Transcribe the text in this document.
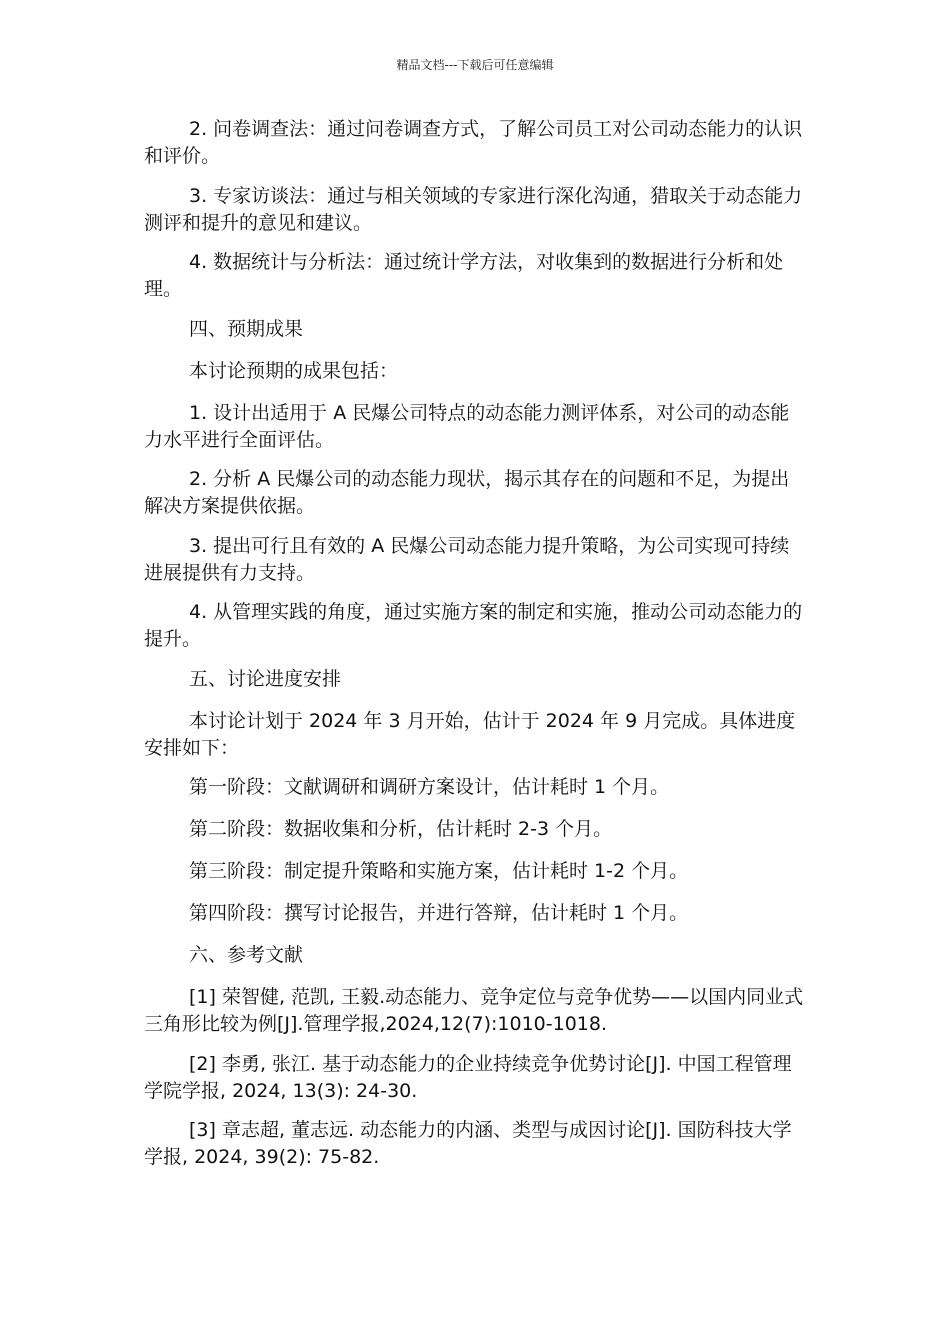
精品文档---下载后可任意编辑

2. 问卷调查法：通过问卷调查方式，了解公司员工对公司动态能力的认识和评价。

3. 专家访谈法：通过与相关领域的专家进行深化沟通，猎取关于动态能力测评和提升的意见和建议。

4. 数据统计与分析法：通过统计学方法，对收集到的数据进行分析和处理。

四、预期成果

本讨论预期的成果包括：

1. 设计出适用于 A 民爆公司特点的动态能力测评体系，对公司的动态能力水平进行全面评估。

2. 分析 A 民爆公司的动态能力现状，揭示其存在的问题和不足，为提出解决方案提供依据。

3. 提出可行且有效的 A 民爆公司动态能力提升策略，为公司实现可持续进展提供有力支持。

4. 从管理实践的角度，通过实施方案的制定和实施，推动公司动态能力的提升。

五、讨论进度安排

本讨论计划于 2024 年 3 月开始，估计于 2024 年 9 月完成。具体进度安排如下：

第一阶段：文献调研和调研方案设计，估计耗时 1 个月。

第二阶段：数据收集和分析，估计耗时 2-3 个月。

第三阶段：制定提升策略和实施方案，估计耗时 1-2 个月。

第四阶段：撰写讨论报告，并进行答辩，估计耗时 1 个月。

六、参考文献

[1] 荣智健, 范凯, 王毅.动态能力、竞争定位与竞争优势——以国内同业式三角形比较为例[J].管理学报,2024,12(7):1010-1018.

[2] 李勇, 张江. 基于动态能力的企业持续竞争优势讨论[J]. 中国工程管理学院学报, 2024, 13(3): 24-30.

[3] 章志超, 董志远. 动态能力的内涵、类型与成因讨论[J]. 国防科技大学学报, 2024, 39(2): 75-82.
